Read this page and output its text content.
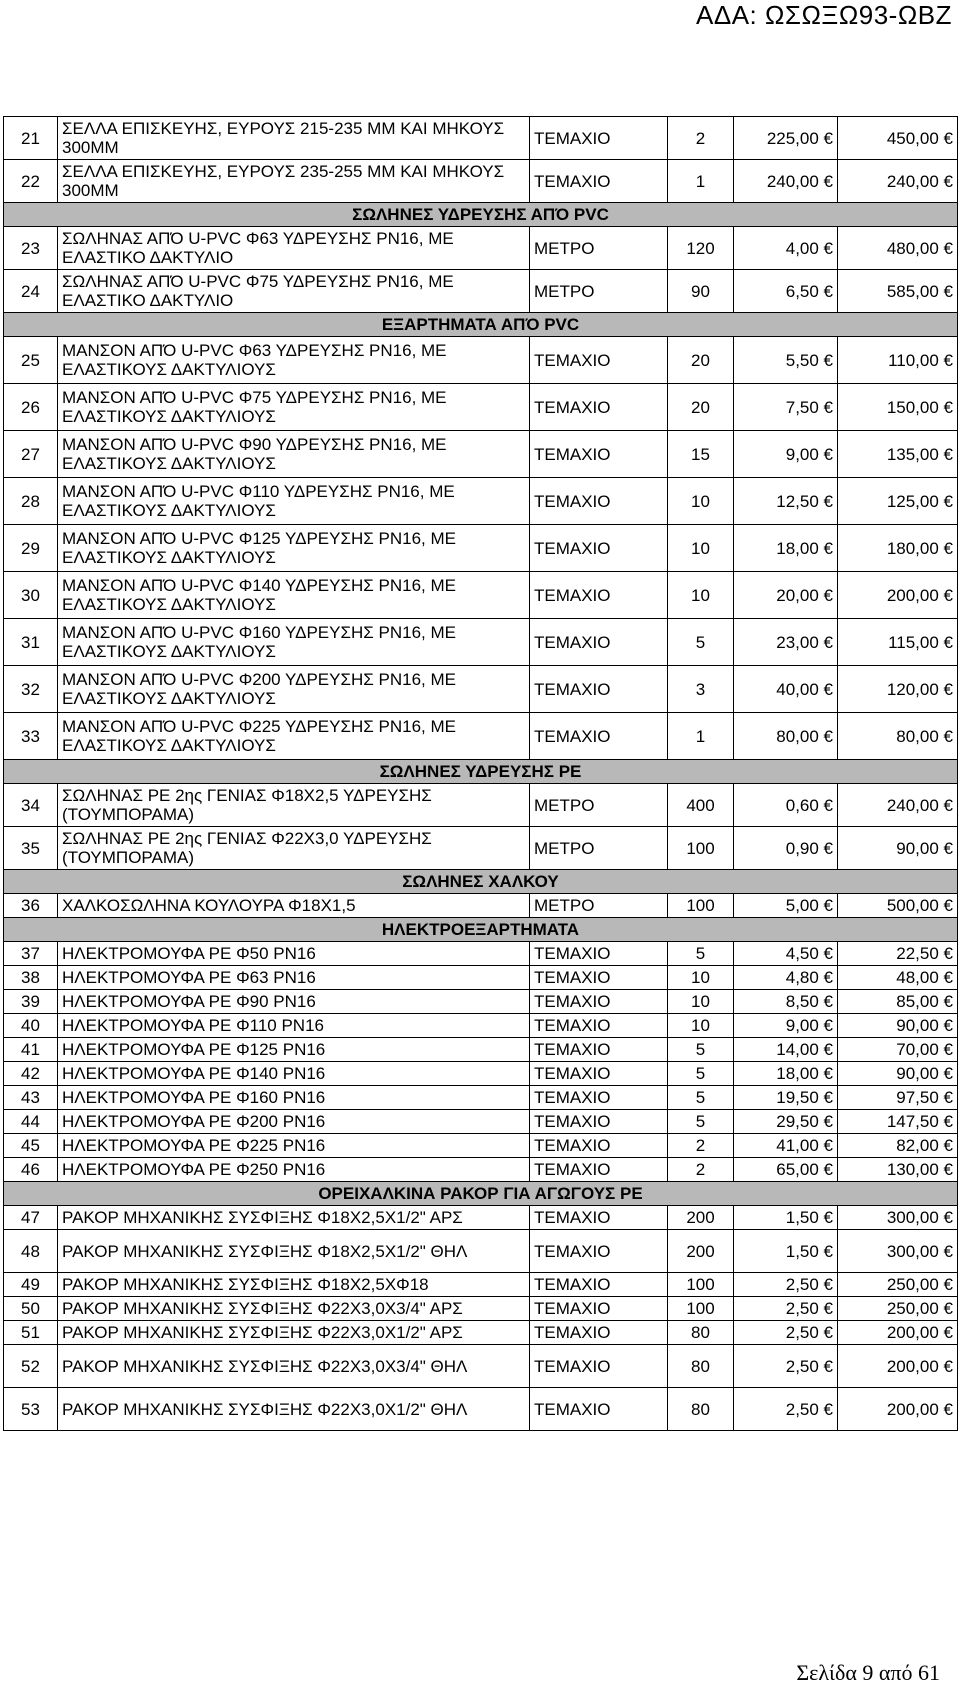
ΑΔΑ: ΩΣΩΞΩ93-ΩΒΖ
21	ΣΕΛΛΑ ΕΠΙΣΚΕΥΗΣ, ΕΥΡΟΥΣ 215-235 ΜΜ ΚΑΙ ΜΗΚΟΥΣ 300ΜΜ	ΤΕΜΑΧΙΟ	2	225,00 €	450,00 €
22	ΣΕΛΛΑ ΕΠΙΣΚΕΥΗΣ, ΕΥΡΟΥΣ 235-255 ΜΜ ΚΑΙ ΜΗΚΟΥΣ 300ΜΜ	ΤΕΜΑΧΙΟ	1	240,00 €	240,00 €
ΣΩΛΗΝΕΣ ΥΔΡΕΥΣΗΣ ΑΠΌ PVC					
23	ΣΩΛΗΝΑΣ ΑΠΌ U-PVC Φ63 ΥΔΡΕΥΣΗΣ PN16, ΜΕ ΕΛΑΣΤΙΚΟ ΔΑΚΤΥΛΙΟ	ΜΕΤΡΟ	120	4,00 €	480,00 €
24	ΣΩΛΗΝΑΣ ΑΠΌ U-PVC Φ75 ΥΔΡΕΥΣΗΣ PN16, ΜΕ ΕΛΑΣΤΙΚΟ ΔΑΚΤΥΛΙΟ	ΜΕΤΡΟ	90	6,50 €	585,00 €
ΕΞΑΡΤΗΜΑΤΑ ΑΠΌ PVC					
25	ΜΑΝΣΟΝ ΑΠΌ U-PVC Φ63 ΥΔΡΕΥΣΗΣ PN16, ΜΕ ΕΛΑΣΤΙΚΟΥΣ ΔΑΚΤΥΛΙΟΥΣ	ΤΕΜΑΧΙΟ	20	5,50 €	110,00 €
26	ΜΑΝΣΟΝ ΑΠΌ U-PVC Φ75 ΥΔΡΕΥΣΗΣ PN16, ΜΕ ΕΛΑΣΤΙΚΟΥΣ ΔΑΚΤΥΛΙΟΥΣ	ΤΕΜΑΧΙΟ	20	7,50 €	150,00 €
27	ΜΑΝΣΟΝ ΑΠΌ U-PVC Φ90 ΥΔΡΕΥΣΗΣ PN16, ΜΕ ΕΛΑΣΤΙΚΟΥΣ ΔΑΚΤΥΛΙΟΥΣ	ΤΕΜΑΧΙΟ	15	9,00 €	135,00 €
28	ΜΑΝΣΟΝ ΑΠΌ U-PVC Φ110 ΥΔΡΕΥΣΗΣ PN16, ΜΕ ΕΛΑΣΤΙΚΟΥΣ ΔΑΚΤΥΛΙΟΥΣ	ΤΕΜΑΧΙΟ	10	12,50 €	125,00 €
29	ΜΑΝΣΟΝ ΑΠΌ U-PVC Φ125 ΥΔΡΕΥΣΗΣ PN16, ΜΕ ΕΛΑΣΤΙΚΟΥΣ ΔΑΚΤΥΛΙΟΥΣ	ΤΕΜΑΧΙΟ	10	18,00 €	180,00 €
30	ΜΑΝΣΟΝ ΑΠΌ U-PVC Φ140 ΥΔΡΕΥΣΗΣ PN16, ΜΕ ΕΛΑΣΤΙΚΟΥΣ ΔΑΚΤΥΛΙΟΥΣ	ΤΕΜΑΧΙΟ	10	20,00 €	200,00 €
31	ΜΑΝΣΟΝ ΑΠΌ U-PVC Φ160 ΥΔΡΕΥΣΗΣ PN16, ΜΕ ΕΛΑΣΤΙΚΟΥΣ ΔΑΚΤΥΛΙΟΥΣ	ΤΕΜΑΧΙΟ	5	23,00 €	115,00 €
32	ΜΑΝΣΟΝ ΑΠΌ U-PVC Φ200 ΥΔΡΕΥΣΗΣ PN16, ΜΕ ΕΛΑΣΤΙΚΟΥΣ ΔΑΚΤΥΛΙΟΥΣ	ΤΕΜΑΧΙΟ	3	40,00 €	120,00 €
33	ΜΑΝΣΟΝ ΑΠΌ U-PVC Φ225 ΥΔΡΕΥΣΗΣ PN16, ΜΕ ΕΛΑΣΤΙΚΟΥΣ ΔΑΚΤΥΛΙΟΥΣ	ΤΕΜΑΧΙΟ	1	80,00 €	80,00 €
ΣΩΛΗΝΕΣ ΥΔΡΕΥΣΗΣ PE					
34	ΣΩΛΗΝΑΣ PE 2ης ΓΕΝΙΑΣ Φ18Χ2,5 ΥΔΡΕΥΣΗΣ (ΤΟΥΜΠΟΡΑΜΑ)	ΜΕΤΡΟ	400	0,60 €	240,00 €
35	ΣΩΛΗΝΑΣ PE 2ης ΓΕΝΙΑΣ Φ22Χ3,0 ΥΔΡΕΥΣΗΣ (ΤΟΥΜΠΟΡΑΜΑ)	ΜΕΤΡΟ	100	0,90 €	90,00 €
ΣΩΛΗΝΕΣ ΧΑΛΚΟΥ					
36	ΧΑΛΚΟΣΩΛΗΝΑ ΚΟΥΛΟΥΡΑ Φ18Χ1,5	ΜΕΤΡΟ	100	5,00 €	500,00 €
ΗΛΕΚΤΡΟΕΞΑΡΤΗΜΑΤΑ					
37	ΗΛΕΚΤΡΟΜΟΥΦΑ PE Φ50 PN16	ΤΕΜΑΧΙΟ	5	4,50 €	22,50 €
38	ΗΛΕΚΤΡΟΜΟΥΦΑ PE Φ63 PN16	ΤΕΜΑΧΙΟ	10	4,80 €	48,00 €
39	ΗΛΕΚΤΡΟΜΟΥΦΑ PE Φ90 PN16	ΤΕΜΑΧΙΟ	10	8,50 €	85,00 €
40	ΗΛΕΚΤΡΟΜΟΥΦΑ PE Φ110 PN16	ΤΕΜΑΧΙΟ	10	9,00 €	90,00 €
41	ΗΛΕΚΤΡΟΜΟΥΦΑ PE Φ125 PN16	ΤΕΜΑΧΙΟ	5	14,00 €	70,00 €
42	ΗΛΕΚΤΡΟΜΟΥΦΑ PE Φ140 PN16	ΤΕΜΑΧΙΟ	5	18,00 €	90,00 €
43	ΗΛΕΚΤΡΟΜΟΥΦΑ PE Φ160 PN16	ΤΕΜΑΧΙΟ	5	19,50 €	97,50 €
44	ΗΛΕΚΤΡΟΜΟΥΦΑ PE Φ200 PN16	ΤΕΜΑΧΙΟ	5	29,50 €	147,50 €
45	ΗΛΕΚΤΡΟΜΟΥΦΑ PE Φ225 PN16	ΤΕΜΑΧΙΟ	2	41,00 €	82,00 €
46	ΗΛΕΚΤΡΟΜΟΥΦΑ PE Φ250 PN16	ΤΕΜΑΧΙΟ	2	65,00 €	130,00 €
ΟΡΕΙΧΑΛΚΙΝΑ ΡΑΚΟΡ ΓΙΑ ΑΓΩΓΟΥΣ PE					
47	ΡΑΚΟΡ ΜΗΧΑΝΙΚΗΣ ΣΥΣΦΙΞΗΣ Φ18Χ2,5Χ1/2" ΑΡΣ	ΤΕΜΑΧΙΟ	200	1,50 €	300,00 €
48	ΡΑΚΟΡ ΜΗΧΑΝΙΚΗΣ ΣΥΣΦΙΞΗΣ Φ18Χ2,5Χ1/2" ΘΗΛ	ΤΕΜΑΧΙΟ	200	1,50 €	300,00 €
49	ΡΑΚΟΡ ΜΗΧΑΝΙΚΗΣ ΣΥΣΦΙΞΗΣ Φ18Χ2,5ΧΦ18	ΤΕΜΑΧΙΟ	100	2,50 €	250,00 €
50	ΡΑΚΟΡ ΜΗΧΑΝΙΚΗΣ ΣΥΣΦΙΞΗΣ Φ22Χ3,0Χ3/4" ΑΡΣ	ΤΕΜΑΧΙΟ	100	2,50 €	250,00 €
51	ΡΑΚΟΡ ΜΗΧΑΝΙΚΗΣ ΣΥΣΦΙΞΗΣ Φ22Χ3,0Χ1/2" ΑΡΣ	ΤΕΜΑΧΙΟ	80	2,50 €	200,00 €
52	ΡΑΚΟΡ ΜΗΧΑΝΙΚΗΣ ΣΥΣΦΙΞΗΣ Φ22Χ3,0Χ3/4" ΘΗΛ	ΤΕΜΑΧΙΟ	80	2,50 €	200,00 €
53	ΡΑΚΟΡ ΜΗΧΑΝΙΚΗΣ ΣΥΣΦΙΞΗΣ Φ22Χ3,0Χ1/2" ΘΗΛ	ΤΕΜΑΧΙΟ	80	2,50 €	200,00 €
Σελίδα 9 από 61
